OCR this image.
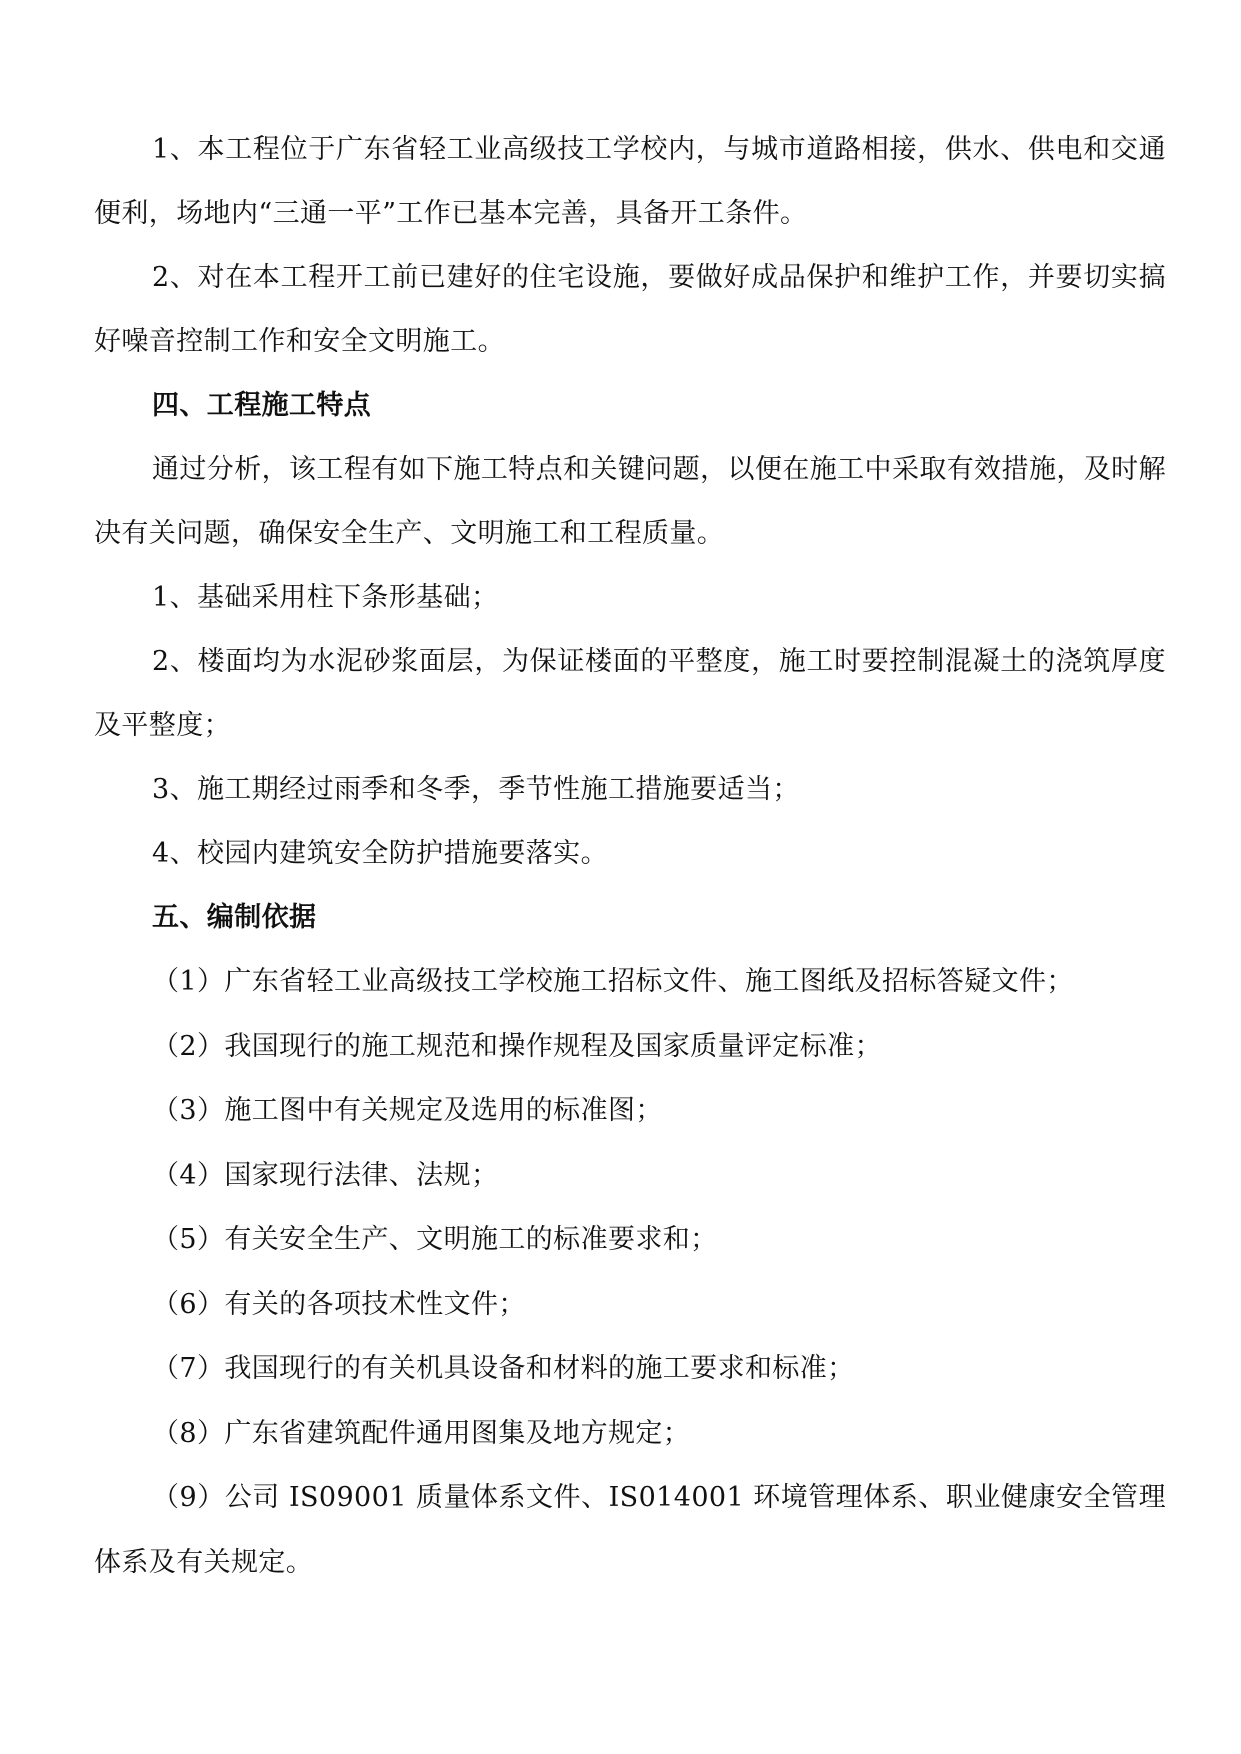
1、本工程位于广东省轻工业高级技工学校内，与城市道路相接，供水、供电和交通便利，场地内“三通一平”工作已基本完善，具备开工条件。

2、对在本工程开工前已建好的住宅设施，要做好成品保护和维护工作，并要切实搞好噪音控制工作和安全文明施工。

四、工程施工特点

通过分析，该工程有如下施工特点和关键问题，以便在施工中采取有效措施，及时解决有关问题，确保安全生产、文明施工和工程质量。

1、基础采用柱下条形基础；

2、楼面均为水泥砂浆面层，为保证楼面的平整度，施工时要控制混凝土的浇筑厚度及平整度；

3、施工期经过雨季和冬季，季节性施工措施要适当；

4、校园内建筑安全防护措施要落实。

五、编制依据

（1）广东省轻工业高级技工学校施工招标文件、施工图纸及招标答疑文件；

（2）我国现行的施工规范和操作规程及国家质量评定标准；

（3）施工图中有关规定及选用的标准图；

（4）国家现行法律、法规；

（5）有关安全生产、文明施工的标准要求和；

（6）有关的各项技术性文件；

（7）我国现行的有关机具设备和材料的施工要求和标准；

（8）广东省建筑配件通用图集及地方规定；

（9）公司 IS09001 质量体系文件、IS014001 环境管理体系、职业健康安全管理体系及有关规定。
